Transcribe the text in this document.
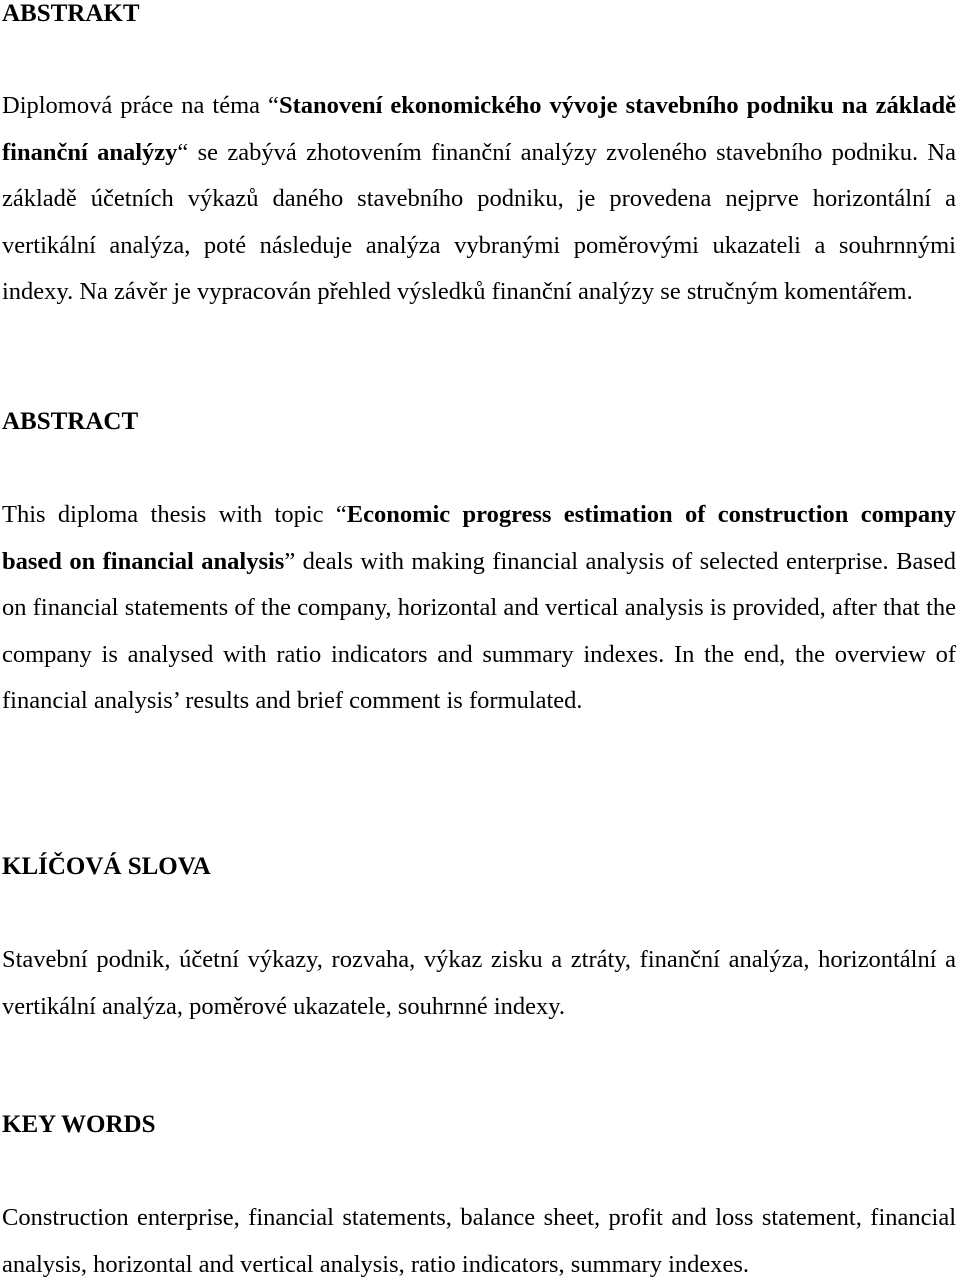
ABSTRAKT

Diplomová práce na téma “Stanovení ekonomického vývoje stavebního podniku na základě finanční analýzy“ se zabývá zhotovením finanční analýzy zvoleného stavebního podniku. Na základě účetních výkazů daného stavebního podniku, je provedena nejprve horizontální a vertikální analýza, poté následuje analýza vybranými poměrovými ukazateli a souhrnnými indexy. Na závěr je vypracován přehled výsledků finanční analýzy se stručným komentářem.

ABSTRACT

This diploma thesis with topic “Economic progress estimation of construction company based on financial analysis” deals with making financial analysis of selected enterprise. Based on financial statements of the company, horizontal and vertical analysis is provided, after that the company is analysed with ratio indicators and summary indexes. In the end, the overview of financial analysis’ results and brief comment is formulated.

KLÍČOVÁ SLOVA

Stavební podnik, účetní výkazy, rozvaha, výkaz zisku a ztráty, finanční analýza, horizontální a vertikální analýza, poměrové ukazatele, souhrnné indexy.

KEY WORDS

Construction enterprise, financial statements, balance sheet, profit and loss statement, financial analysis, horizontal and vertical analysis, ratio indicators, summary indexes.
